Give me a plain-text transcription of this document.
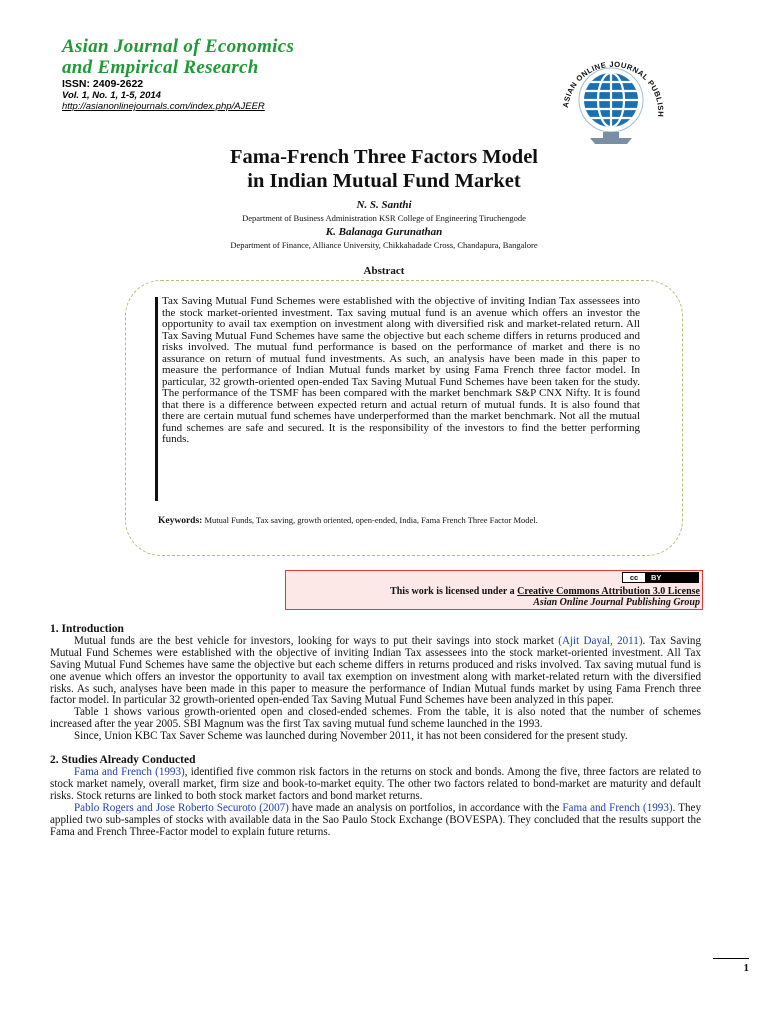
Asian Journal of Economics
and Empirical Research
ISSN: 2409-2622
Vol. 1, No. 1, 1-5, 2014
http://asianonlinejournals.com/index.php/AJEER	ASIAN ONLINE JOURNAL PUBLISH
Fama-French Three Factors Model
in Indian Mutual Fund Market
N. S. Santhi
Department of Business Administration KSR College of Engineering Tiruchengode
K. Balanaga Gurunathan
Department of Finance, Alliance University, Chikkahadade Cross, Chandapura, Bangalore
Abstract
Tax Saving Mutual Fund Schemes were established with the objective of inviting Indian Tax assessees into the stock market-oriented investment. Tax saving mutual fund is an avenue which offers an investor the opportunity to avail tax exemption on investment along with diversified risk and market-related return. All Tax Saving Mutual Fund Schemes have same the objective but each scheme differs in returns produced and risks involved. The mutual fund performance is based on the performance of market and there is no assurance on return of mutual fund investments. As such, an analysis have been made in this paper to measure the performance of Indian Mutual funds market by using Fama French three factor model. In particular, 32 growth-oriented open-ended Tax Saving Mutual Fund Schemes have been taken for the study. The performance of the TSMF has been compared with the market benchmark S&P CNX Nifty. It is found that there is a difference between expected return and actual return of mutual funds. It is also found that there are certain mutual fund schemes have underperformed than the market benchmark. Not all the mutual fund schemes are safe and secured. It is the responsibility of the investors to find the better performing funds.
Keywords: Mutual Funds, Tax saving, growth oriented, open-ended, India, Fama French Three Factor Model.
cc	BY
This work is licensed under a Creative Commons Attribution 3.0 License
Asian Online Journal Publishing Group
1. Introduction
Mutual funds are the best vehicle for investors, looking for ways to put their savings into stock market (Ajit Dayal, 2011). Tax Saving Mutual Fund Schemes were established with the objective of inviting Indian Tax assessees into the stock market-oriented investment. All Tax Saving Mutual Fund Schemes have same the objective but each scheme differs in returns produced and risks involved. Tax saving mutual fund is one avenue which offers an investor the opportunity to avail tax exemption on investment along with market-related return with the diversified risks. As such, analyses have been made in this paper to measure the performance of Indian Mutual funds market by using Fama French three factor model. In particular 32 growth-oriented open-ended Tax Saving Mutual Fund Schemes have been analyzed in this paper.
Table 1 shows various growth-oriented open and closed-ended schemes. From the table, it is also noted that the number of schemes increased after the year 2005. SBI Magnum was the first Tax saving mutual fund scheme launched in the 1993.
Since, Union KBC Tax Saver Scheme was launched during November 2011, it has not been considered for the present study.
2. Studies Already Conducted
Fama and French (1993), identified five common risk factors in the returns on stock and bonds. Among the five, three factors are related to stock market namely, overall market, firm size and book-to-market equity. The other two factors related to bond-market are maturity and default risks. Stock returns are linked to both stock market factors and bond market returns.
Pablo Rogers and Jose Roberto Securoto (2007) have made an analysis on portfolios, in accordance with the Fama and French (1993). They applied two sub-samples of stocks with available data in the Sao Paulo Stock Exchange (BOVESPA). They concluded that the results support the Fama and French Three-Factor model to explain future returns.
1
